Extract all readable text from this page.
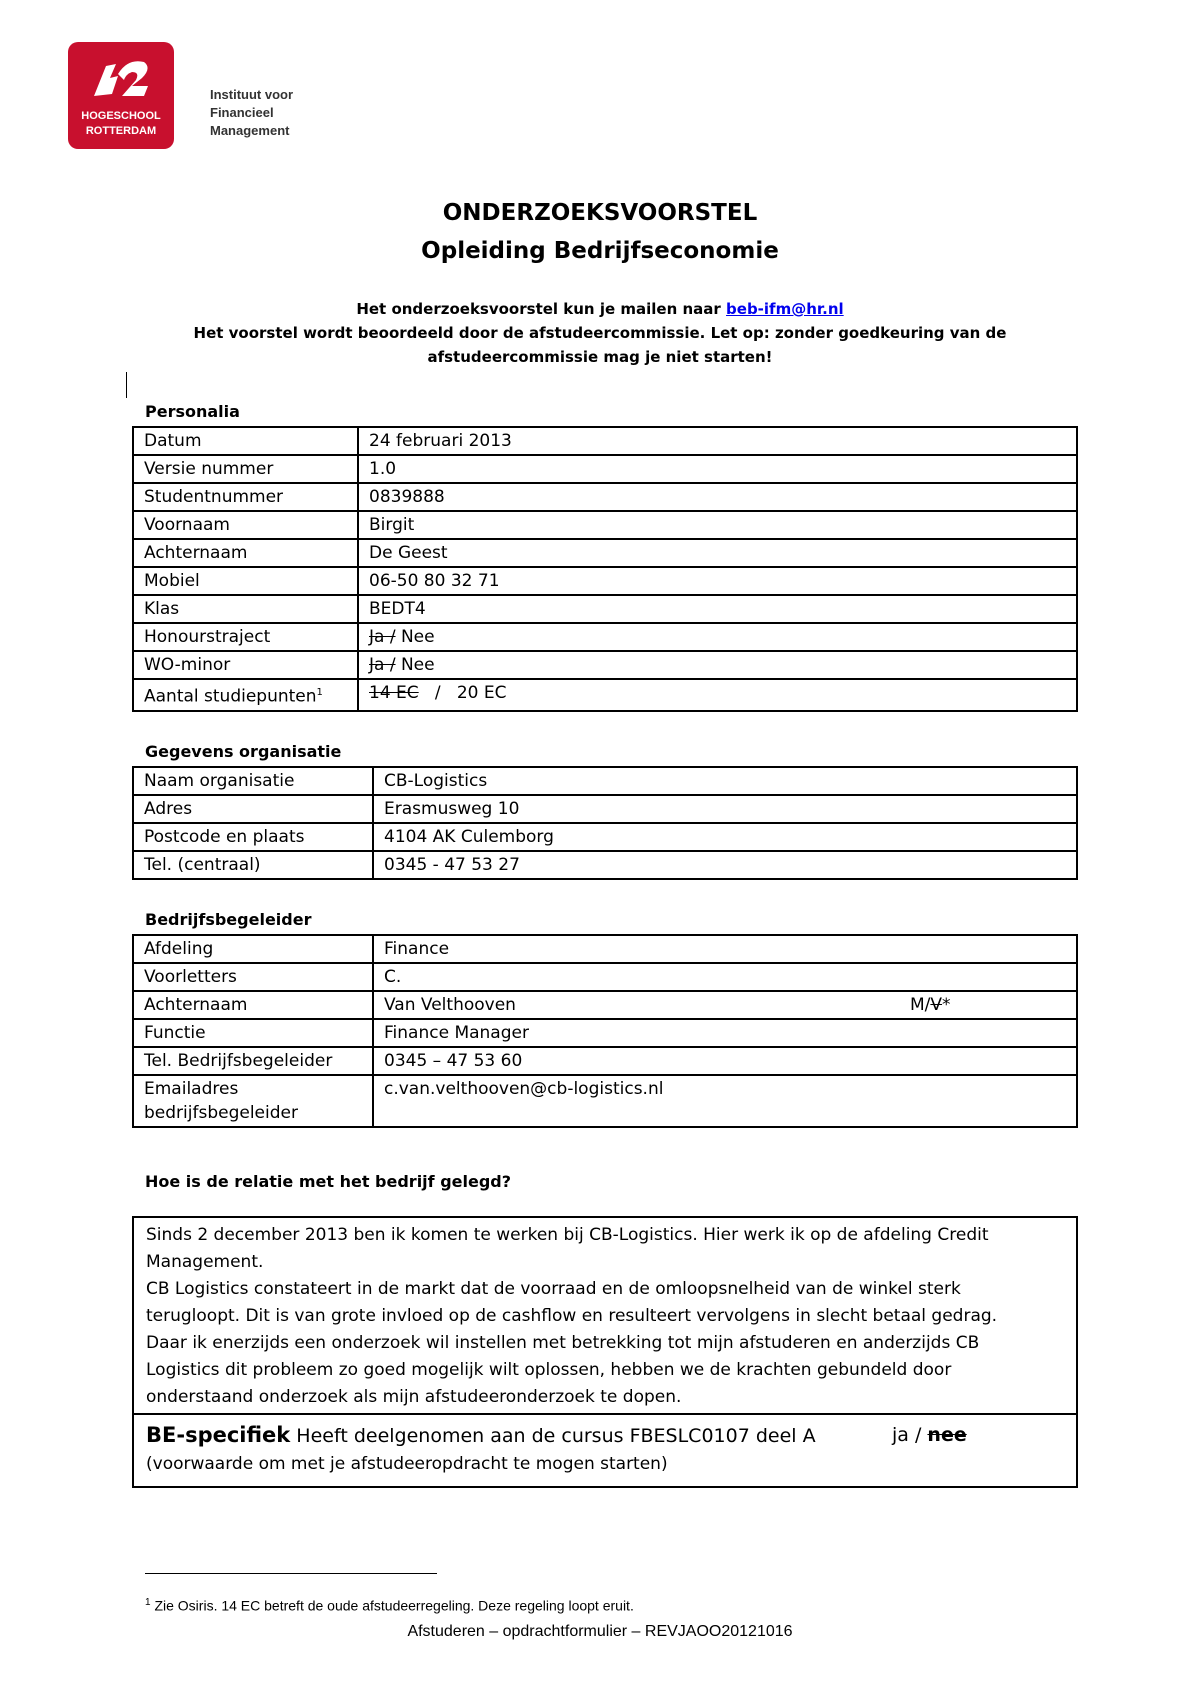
HOGESCHOOL
ROTTERDAM
Instituut voor
Financieel
Management
ONDERZOEKSVOORSTEL
Opleiding Bedrijfseconomie
Het onderzoeksvoorstel kun je mailen naar beb-ifm@hr.nl
Het voorstel wordt beoordeeld door de afstudeercommissie. Let op: zonder goedkeuring van de
afstudeercommissie mag je niet starten!
Personalia
Datum	24 februari 2013
Versie nummer	1.0
Studentnummer	0839888
Voornaam	Birgit
Achternaam	De Geest
Mobiel	06-50 80 32 71
Klas	BEDT4
Honourstraject	Ja / Nee
WO-minor	Ja / Nee
Aantal studiepunten$^1$	14 EC   /   20 EC
Gegevens organisatie
Naam organisatie	CB-Logistics
Adres	Erasmusweg 10
Postcode en plaats	4104 AK Culemborg
Tel. (centraal)	0345 - 47 53 27
Bedrijfsbegeleider
Afdeling	Finance
Voorletters	C.
Achternaam	Van Velthooven M/V*

Functie	Finance Manager
Tel. Bedrijfsbegeleider	0345 – 47 53 60

Emailadres
bedrijfsbegeleider	c.van.velthooven@cb-logistics.nl
Hoe is de relatie met het bedrijf gelegd?
Sinds 2 december 2013 ben ik komen te werken bij CB-Logistics. Hier werk ik op de afdeling Credit
Management.
CB Logistics constateert in de markt dat de voorraad en de omloopsnelheid van de winkel sterk
terugloopt. Dit is van grote invloed op de cashflow en resulteert vervolgens in slecht betaal gedrag.
Daar ik enerzijds een onderzoek wil instellen met betrekking tot mijn afstuderen en anderzijds CB
Logistics dit probleem zo goed mogelijk wilt oplossen, hebben we de krachten gebundeld door
onderstaand onderzoek als mijn afstudeeronderzoek te dopen.
BE-specifiek Heeft deelgenomen aan de cursus FBESLC0107 deel A	ja / nee
(voorwaarde om met je afstudeeropdracht te mogen starten)
$^1$ Zie Osiris. 14 EC betreft de oude afstudeerregeling. Deze regeling loopt eruit.
Afstuderen – opdrachtformulier – REVJAOO20121016
